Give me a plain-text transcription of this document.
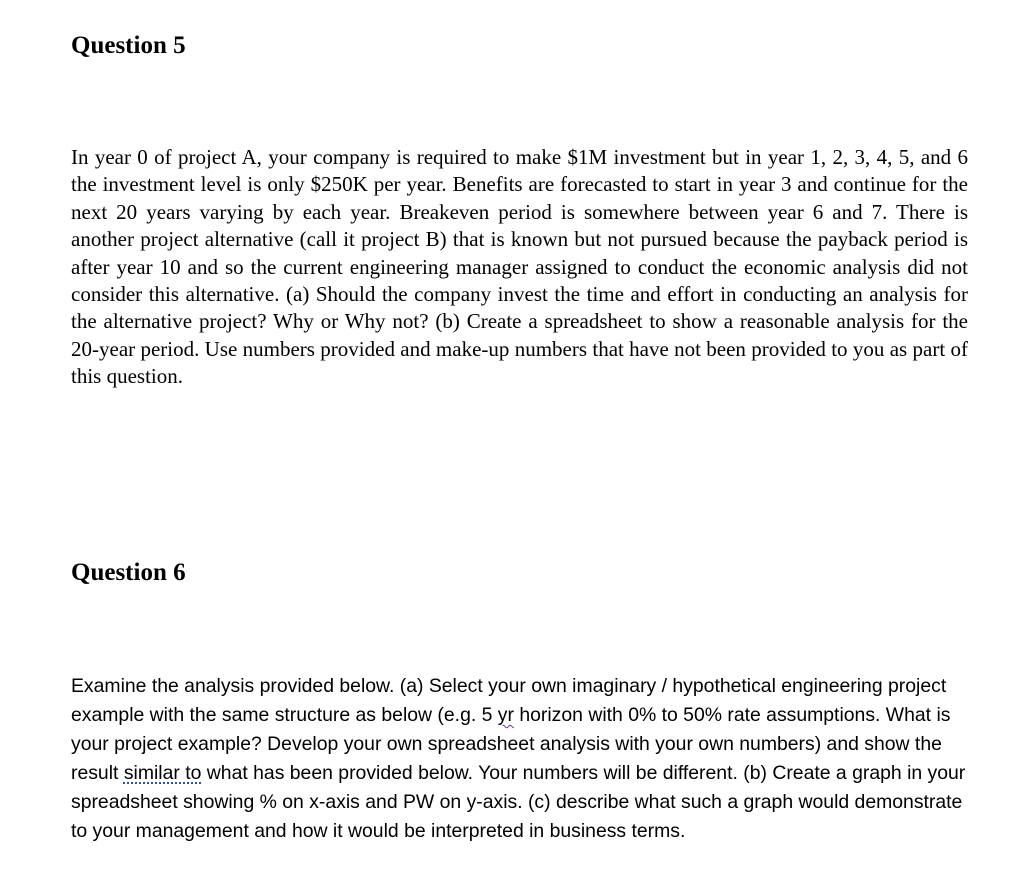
Question 5

In year 0 of project A, your company is required to make $1M investment but in year 1, 2, 3, 4, 5, and 6 the investment level is only $250K per year. Benefits are forecasted to start in year 3 and continue for the next 20 years varying by each year. Breakeven period is somewhere between year 6 and 7. There is another project alternative (call it project B) that is known but not pursued because the payback period is after year 10 and so the current engineering manager assigned to conduct the economic analysis did not consider this alternative. (a) Should the company invest the time and effort in conducting an analysis for the alternative project? Why or Why not? (b) Create a spreadsheet to show a reasonable analysis for the 20-year period. Use numbers provided and make-up numbers that have not been provided to you as part of this question.

Question 6

Examine the analysis provided below. (a) Select your own imaginary / hypothetical engineering project example with the same structure as below (e.g. 5 yr horizon with 0% to 50% rate assumptions. What is your project example? Develop your own spreadsheet analysis with your own numbers) and show the result similar to what has been provided below. Your numbers will be different. (b) Create a graph in your spreadsheet showing % on x-axis and PW on y-axis. (c) describe what such a graph would demonstrate to your management and how it would be interpreted in business terms.
